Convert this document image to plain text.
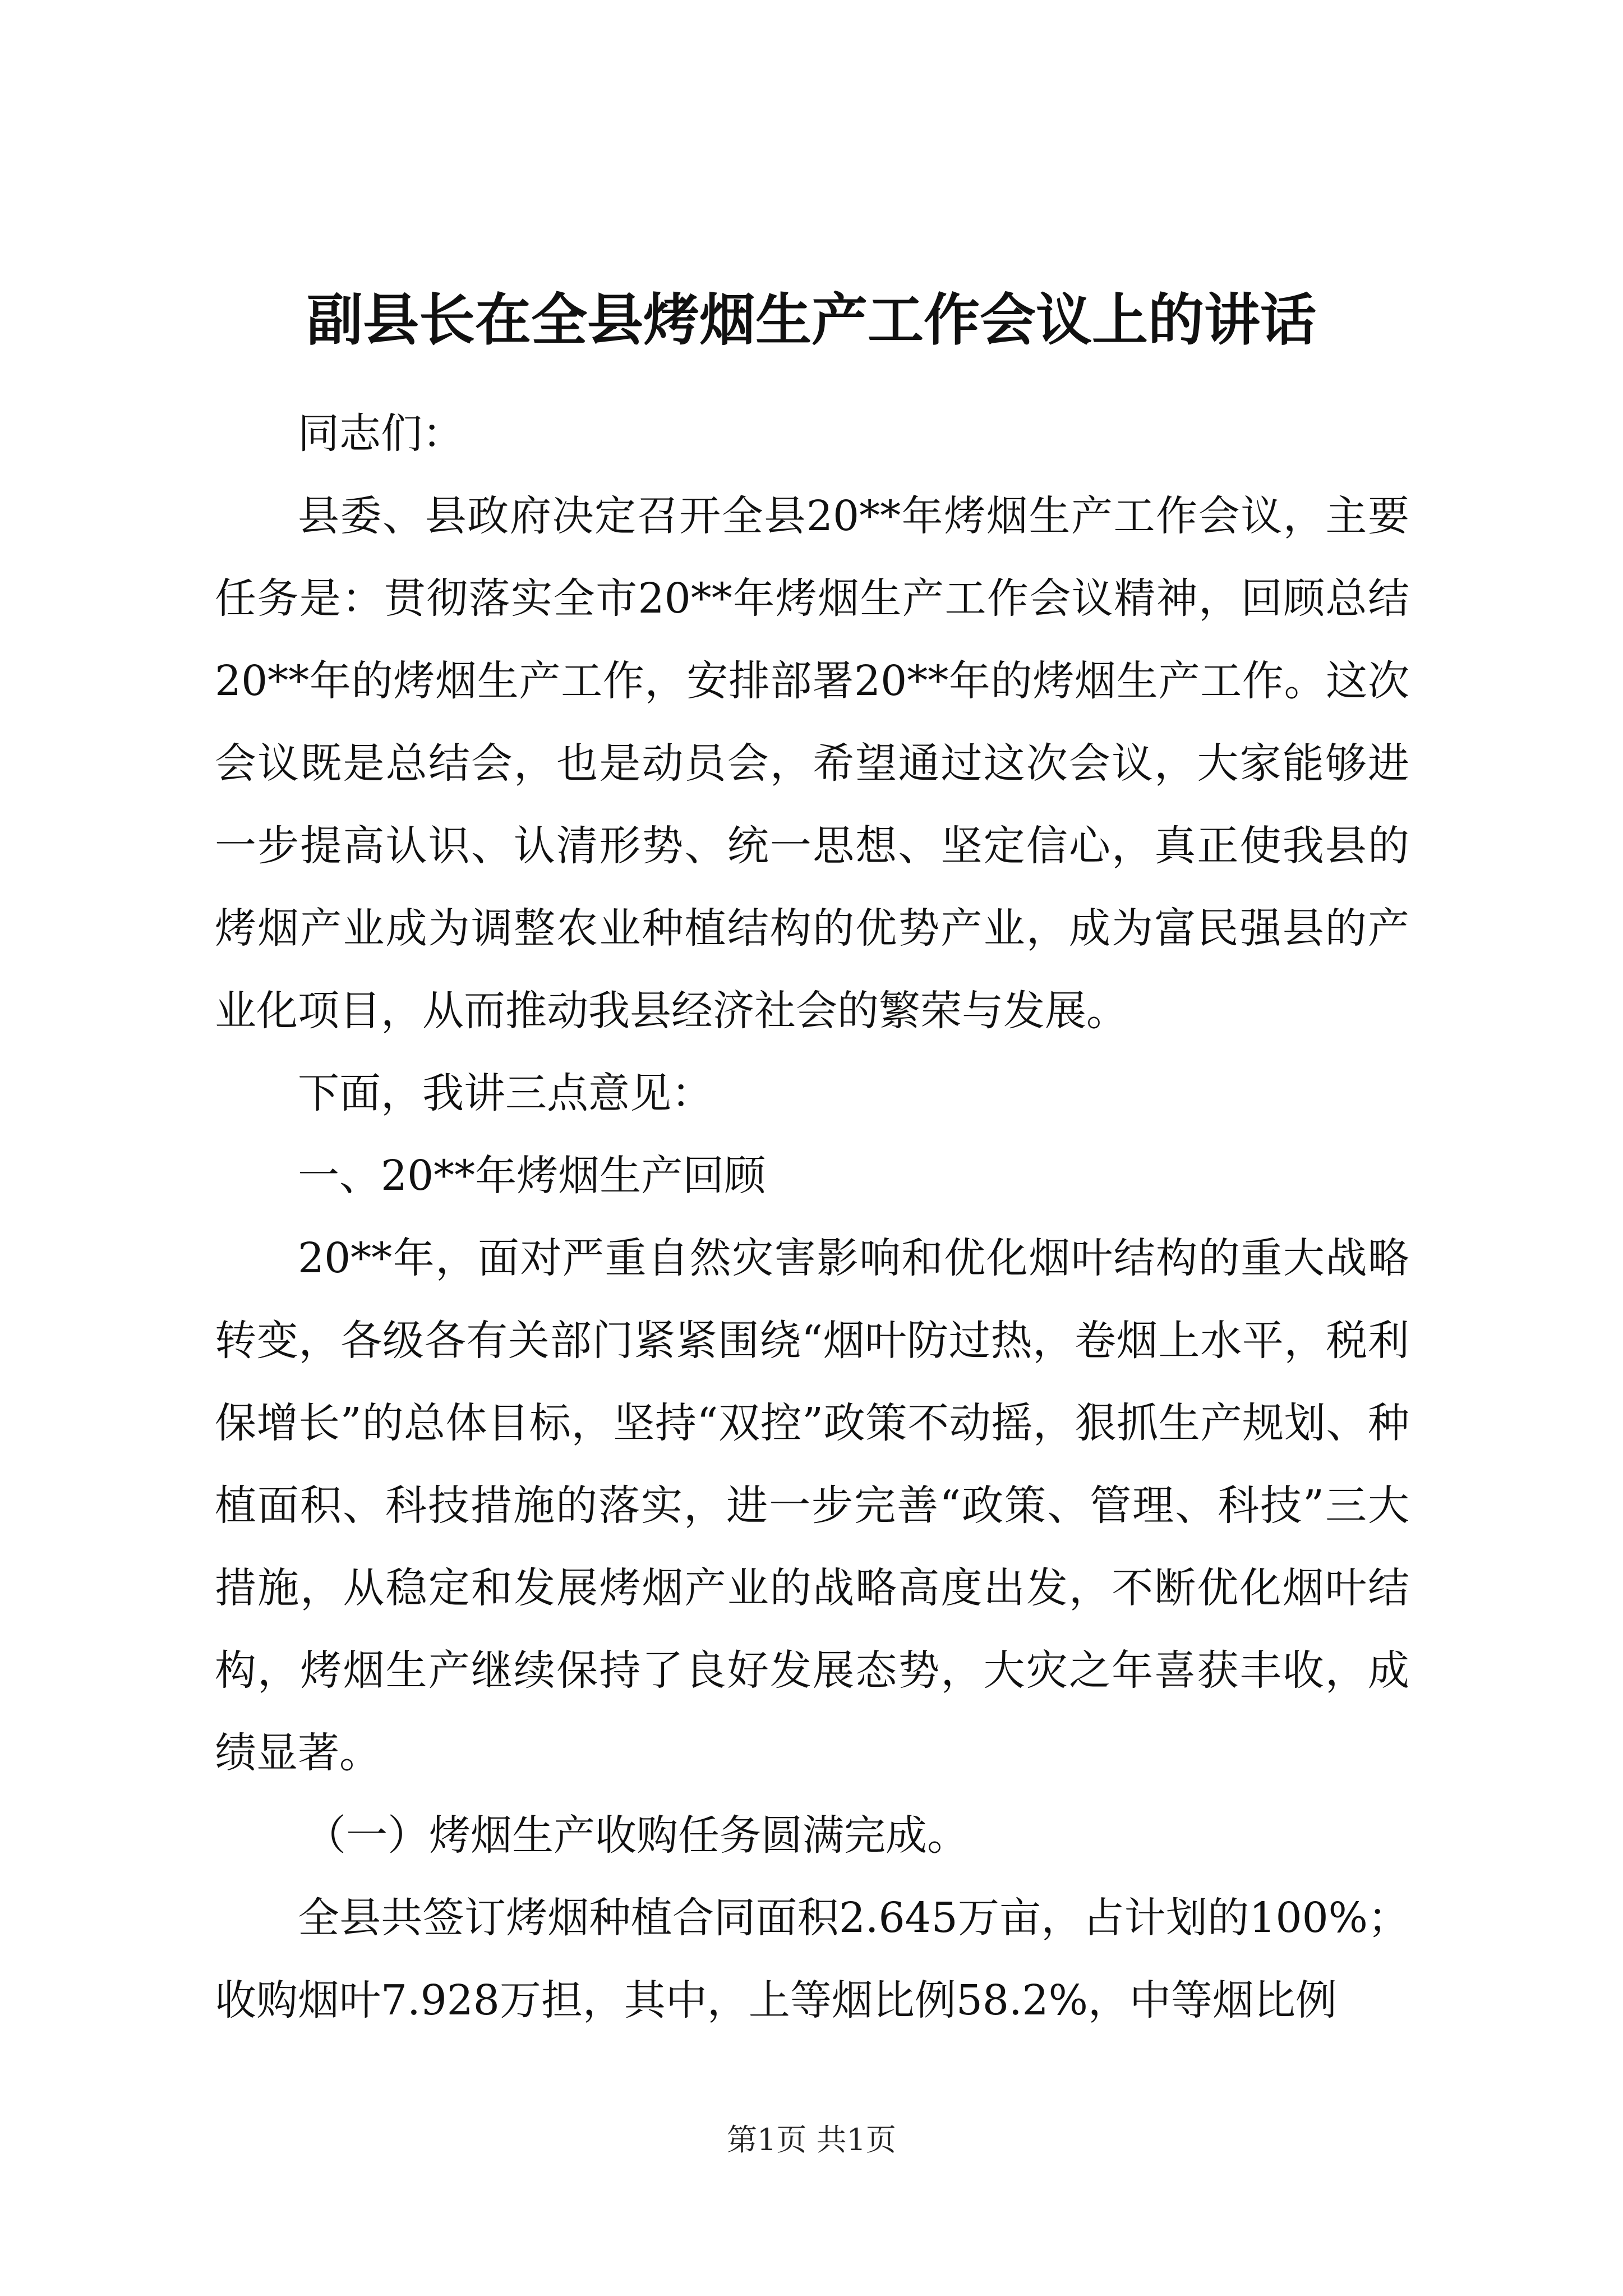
副县长在全县烤烟生产工作会议上的讲话

同志们：

县委、县政府决定召开全县20**年烤烟生产工作会议，主要任务是：贯彻落实全市20**年烤烟生产工作会议精神，回顾总结20**年的烤烟生产工作，安排部署20**年的烤烟生产工作。这次会议既是总结会，也是动员会，希望通过这次会议，大家能够进一步提高认识、认清形势、统一思想、坚定信心，真正使我县的烤烟产业成为调整农业种植结构的优势产业，成为富民强县的产业化项目，从而推动我县经济社会的繁荣与发展。

下面，我讲三点意见：

一、20**年烤烟生产回顾

20**年，面对严重自然灾害影响和优化烟叶结构的重大战略转变，各级各有关部门紧紧围绕“烟叶防过热，卷烟上水平，税利保增长”的总体目标，坚持“双控”政策不动摇，狠抓生产规划、种植面积、科技措施的落实，进一步完善“政策、管理、科技”三大措施，从稳定和发展烤烟产业的战略高度出发，不断优化烟叶结构，烤烟生产继续保持了良好发展态势，大灾之年喜获丰收，成绩显著。

（一）烤烟生产收购任务圆满完成。

全县共签订烤烟种植合同面积2.645万亩，占计划的100%；收购烟叶7.928万担，其中，上等烟比例58.2%，中等烟比例

第1页 共1页
